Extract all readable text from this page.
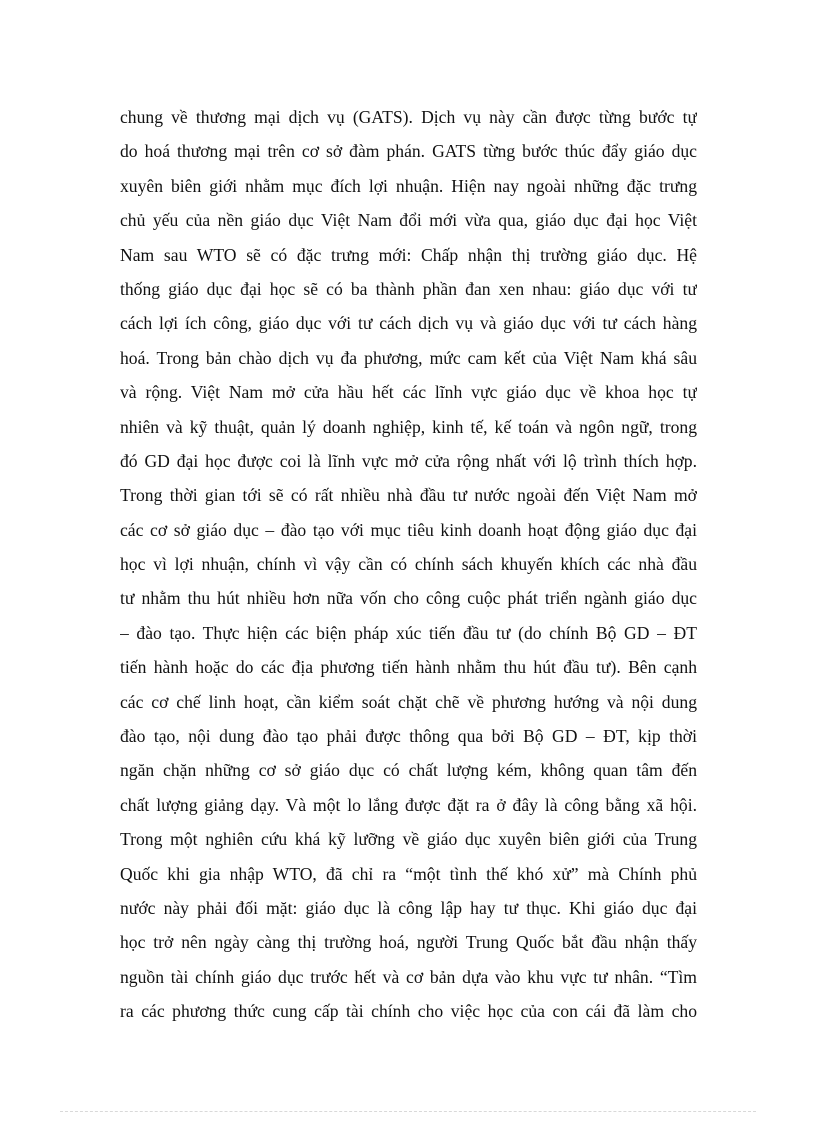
chung về thương mại dịch vụ (GATS). Dịch vụ này cần được từng bước tự
do hoá thương mại trên cơ sở đàm phán. GATS từng bước thúc đẩy giáo dục
xuyên biên giới nhằm mục đích lợi nhuận. Hiện nay ngoài những đặc trưng
chủ yếu của nền giáo dục Việt Nam đổi mới vừa qua, giáo dục đại học Việt
Nam sau WTO sẽ có đặc trưng mới: Chấp nhận thị trường giáo dục. Hệ
thống giáo dục đại học sẽ có ba thành phần đan xen nhau: giáo dục với tư
cách lợi ích công, giáo dục với tư cách dịch vụ và giáo dục với tư cách hàng
hoá. Trong bản chào dịch vụ đa phương, mức cam kết của Việt Nam khá sâu
và rộng. Việt Nam mở cửa hầu hết các lĩnh vực giáo dục về khoa học tự
nhiên và kỹ thuật, quản lý doanh nghiệp, kinh tế, kế toán và ngôn ngữ, trong
đó GD đại học được coi là lĩnh vực mở cửa rộng nhất với lộ trình thích hợp.
Trong thời gian tới sẽ có rất nhiều nhà đầu tư nước ngoài đến Việt Nam mở
các cơ sở giáo dục – đào tạo với mục tiêu kinh doanh hoạt động giáo dục đại
học vì lợi nhuận, chính vì vậy cần có chính sách khuyến khích các nhà đầu
tư nhằm thu hút nhiều hơn nữa vốn cho công cuộc phát triển ngành giáo dục
– đào tạo. Thực hiện các biện pháp xúc tiến đầu tư (do chính Bộ GD – ĐT
tiến hành hoặc do các địa phương tiến hành nhằm thu hút đầu tư). Bên cạnh
các cơ chế linh hoạt, cần kiểm soát chặt chẽ về phương hướng và nội dung
đào tạo, nội dung đào tạo phải được thông qua bởi Bộ GD – ĐT, kịp thời
ngăn chặn những cơ sở giáo dục có chất lượng kém, không quan tâm đến
chất lượng giảng dạy. Và một lo lắng được đặt ra ở đây là công bằng xã hội.
Trong một nghiên cứu khá kỹ lưỡng về giáo dục xuyên biên giới của Trung
Quốc khi gia nhập WTO, đã chỉ ra “một tình thế khó xử” mà Chính phủ
nước này phải đối mặt: giáo dục là công lập hay tư thục. Khi giáo dục đại
học trở nên ngày càng thị trường hoá, người Trung Quốc bắt đầu nhận thấy
nguồn tài chính giáo dục trước hết và cơ bản dựa vào khu vực tư nhân. “Tìm
ra các phương thức cung cấp tài chính cho việc học của con cái đã làm cho
